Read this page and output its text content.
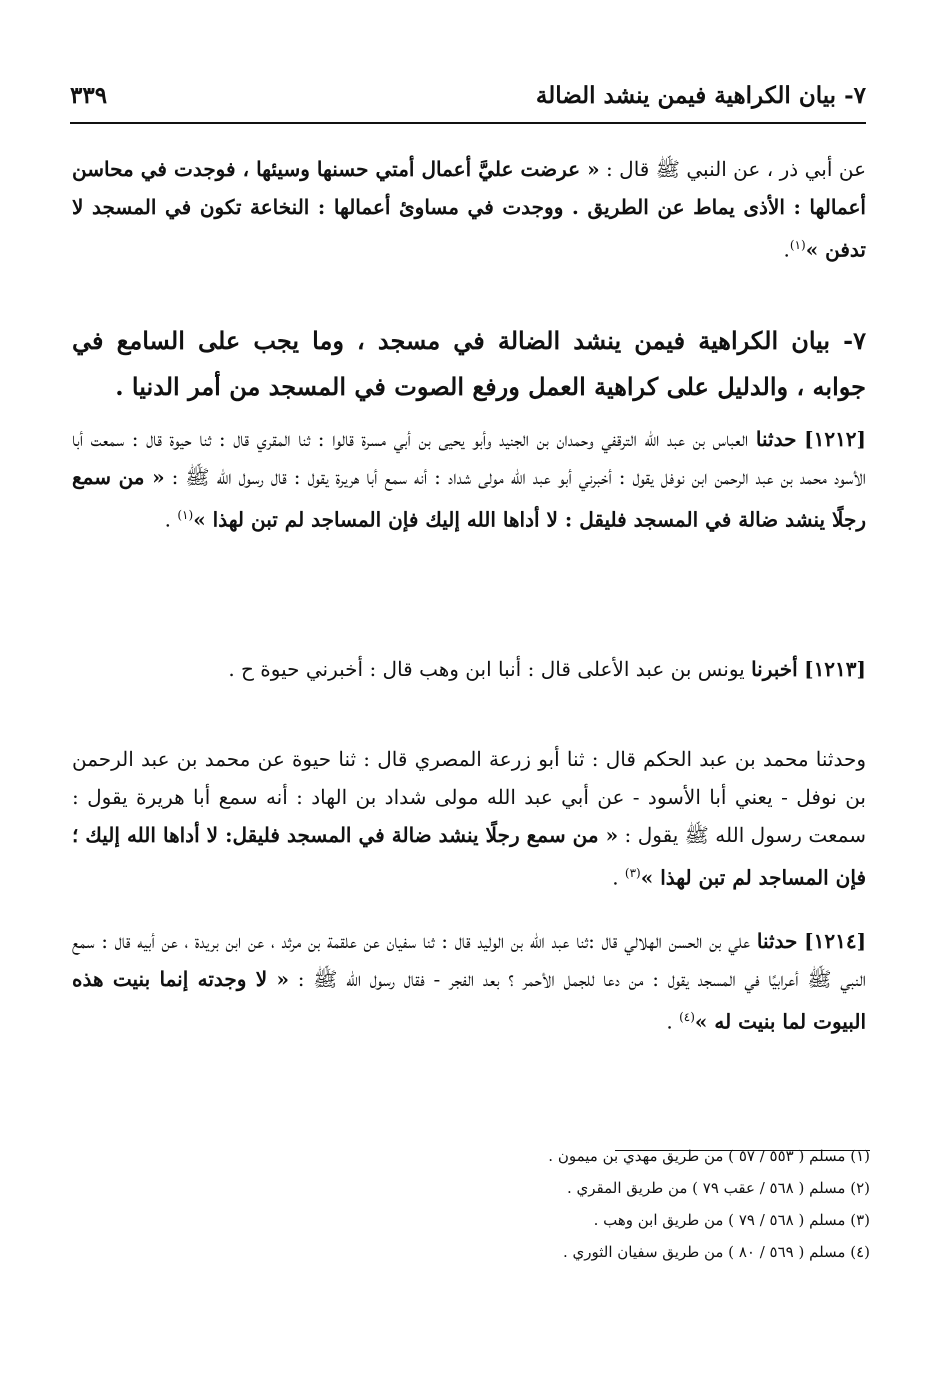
٧- بيان الكراهية فيمن ينشد الضالة
٣٣٩

عن أبي ذر ، عن النبي ﷺ قال : « عرضت عليَّ أعمال أمتي حسنها وسيئها ، فوجدت في محاسن أعمالها : الأذى يماط عن الطريق . ووجدت في مساوئ أعمالها : النخاعة تكون في المسجد لا تدفن »$^{(١)}$.

٧- بيان الكراهية فيمن ينشد الضالة في مسجد ، وما يجب على السامع في جوابه ، والدليل على كراهية العمل ورفع الصوت في المسجد من أمر الدنيا .

[١٢١٢] حدثنا العباس بن عبد الله الترقفي وحمدان بن الجنيد وأبو يحيى بن أبي مسرة قالوا : ثنا المقري قال : ثنا حيوة قال : سمعت أبا الأسود محمد بن عبد الرحمن ابن نوفل يقول : أخبرني أبو عبد الله مولى شداد : أنه سمع أبا هريرة يقول : قال رسول الله ﷺ : « من سمع رجلًا ينشد ضالة في المسجد فليقل : لا أداها الله إليك فإن المساجد لم تبن لهذا »$^{(١)}$ .

[١٢١٣] أخبرنا يونس بن عبد الأعلى قال : أنبا ابن وهب قال : أخبرني حيوة ح .

وحدثنا محمد بن عبد الحكم قال : ثنا أبو زرعة المصري قال : ثنا حيوة عن محمد بن عبد الرحمن بن نوفل - يعني أبا الأسود - عن أبي عبد الله مولى شداد بن الهاد : أنه سمع أبا هريرة يقول : سمعت رسول الله ﷺ يقول : « من سمع رجلًا ينشد ضالة في المسجد فليقل: لا أداها الله إليك ؛ فإن المساجد لم تبن لهذا »$^{(٣)}$ .

[١٢١٤] حدثنا علي بن الحسن الهلالي قال :ثنا عبد الله بن الوليد قال : ثنا سفيان عن علقمة بن مرثد ، عن ابن بريدة ، عن أبيه قال : سمع النبي ﷺ أعرابيًا في المسجد يقول : من دعا للجمل الأحمر ؟ بعد الفجر - فقال رسول الله ﷺ : « لا وجدته إنما بنيت هذه البيوت لما بنيت له »$^{(٤)}$ .

(١) مسلم ( ٥٥٣ / ٥٧ ) من طريق مهدي بن ميمون .

(٢) مسلم ( ٥٦٨ / عقب ٧٩ ) من طريق المقري .

(٣) مسلم ( ٥٦٨ / ٧٩ ) من طريق ابن وهب .

(٤) مسلم ( ٥٦٩ / ٨٠ ) من طريق سفيان الثوري .
